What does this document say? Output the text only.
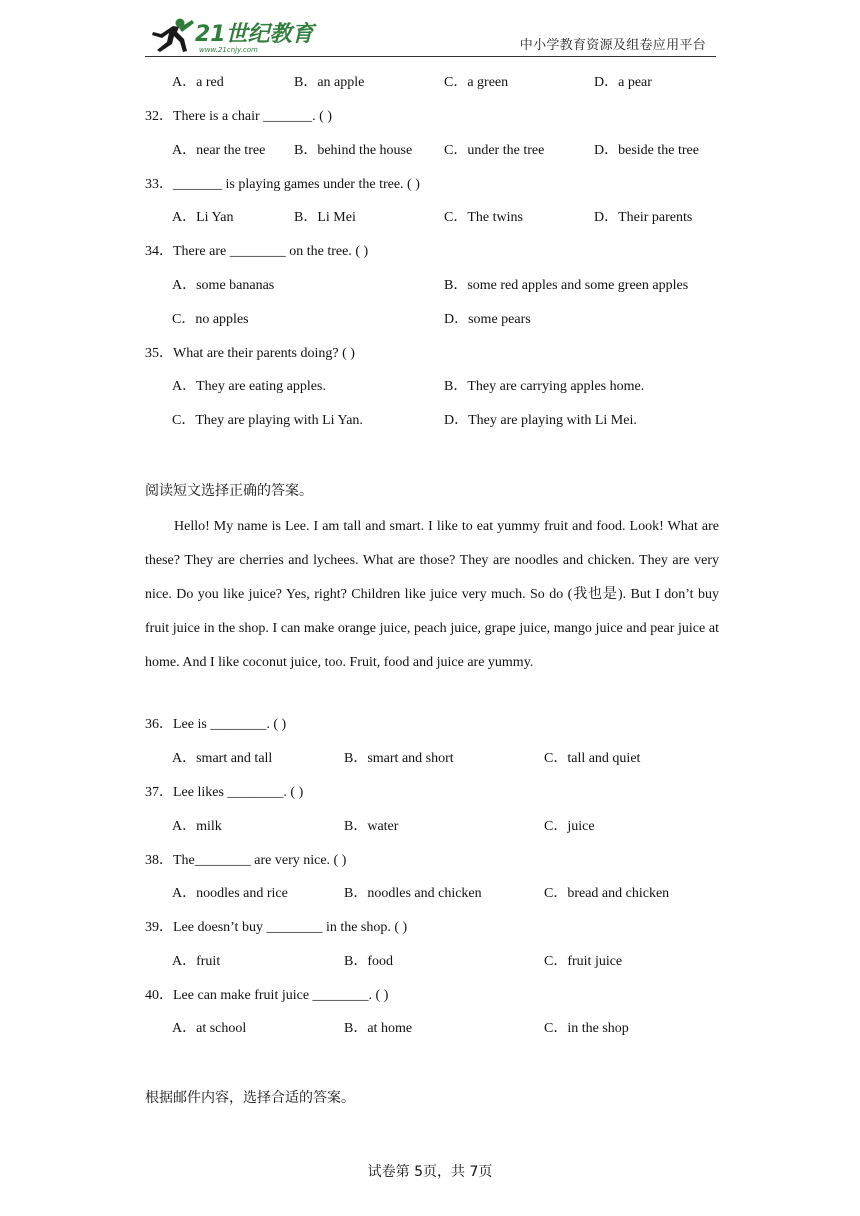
21世纪教育
www.21cnjy.com	中小学教育资源及组卷应用平台
A．a red	B．an apple	C．a green	D．a pear
32．There is a chair _______. ( )
A．near the tree B．behind the house C．under the tree	D．beside the tree
33．_______ is playing games under the tree. ( )
A．Li Yan	B．Li Mei	C．The twins	D．Their parents
34．There are ________ on the tree. ( )
A．some bananas	B．some red apples and some green apples
C．no apples	D．some pears
35．What are their parents doing? ( )
A．They are eating apples.	B．They are carrying apples home.
C．They are playing with Li Yan.	D．They are playing with Li Mei.
阅读短文选择正确的答案。

Hello! My name is Lee. I am tall and smart. I like to eat yummy fruit and food. Look! What are these? They are cherries and lychees. What are those? They are noodles and chicken. They are very nice. Do you like juice? Yes, right? Children like juice very much. So do (我也是). But I don’t buy fruit juice in the shop. I can make orange juice, peach juice, grape juice, mango juice and pear juice at home. And I like coconut juice, too. Fruit, food and juice are yummy.

36．Lee is ________. ( )
A．smart and tall	B．smart and short	C．tall and quiet
37．Lee likes ________. ( )
A．milk	B．water	C．juice
38．The________ are very nice. ( )
A．noodles and rice	B．noodles and chicken	C．bread and chicken
39．Lee doesn’t buy ________ in the shop. ( )
A．fruit	B．food	C．fruit juice
40．Lee can make fruit juice ________. ( )
A．at school	B．at home	C．in the shop
根据邮件内容，选择合适的答案。
试卷第 5页，共 7页
